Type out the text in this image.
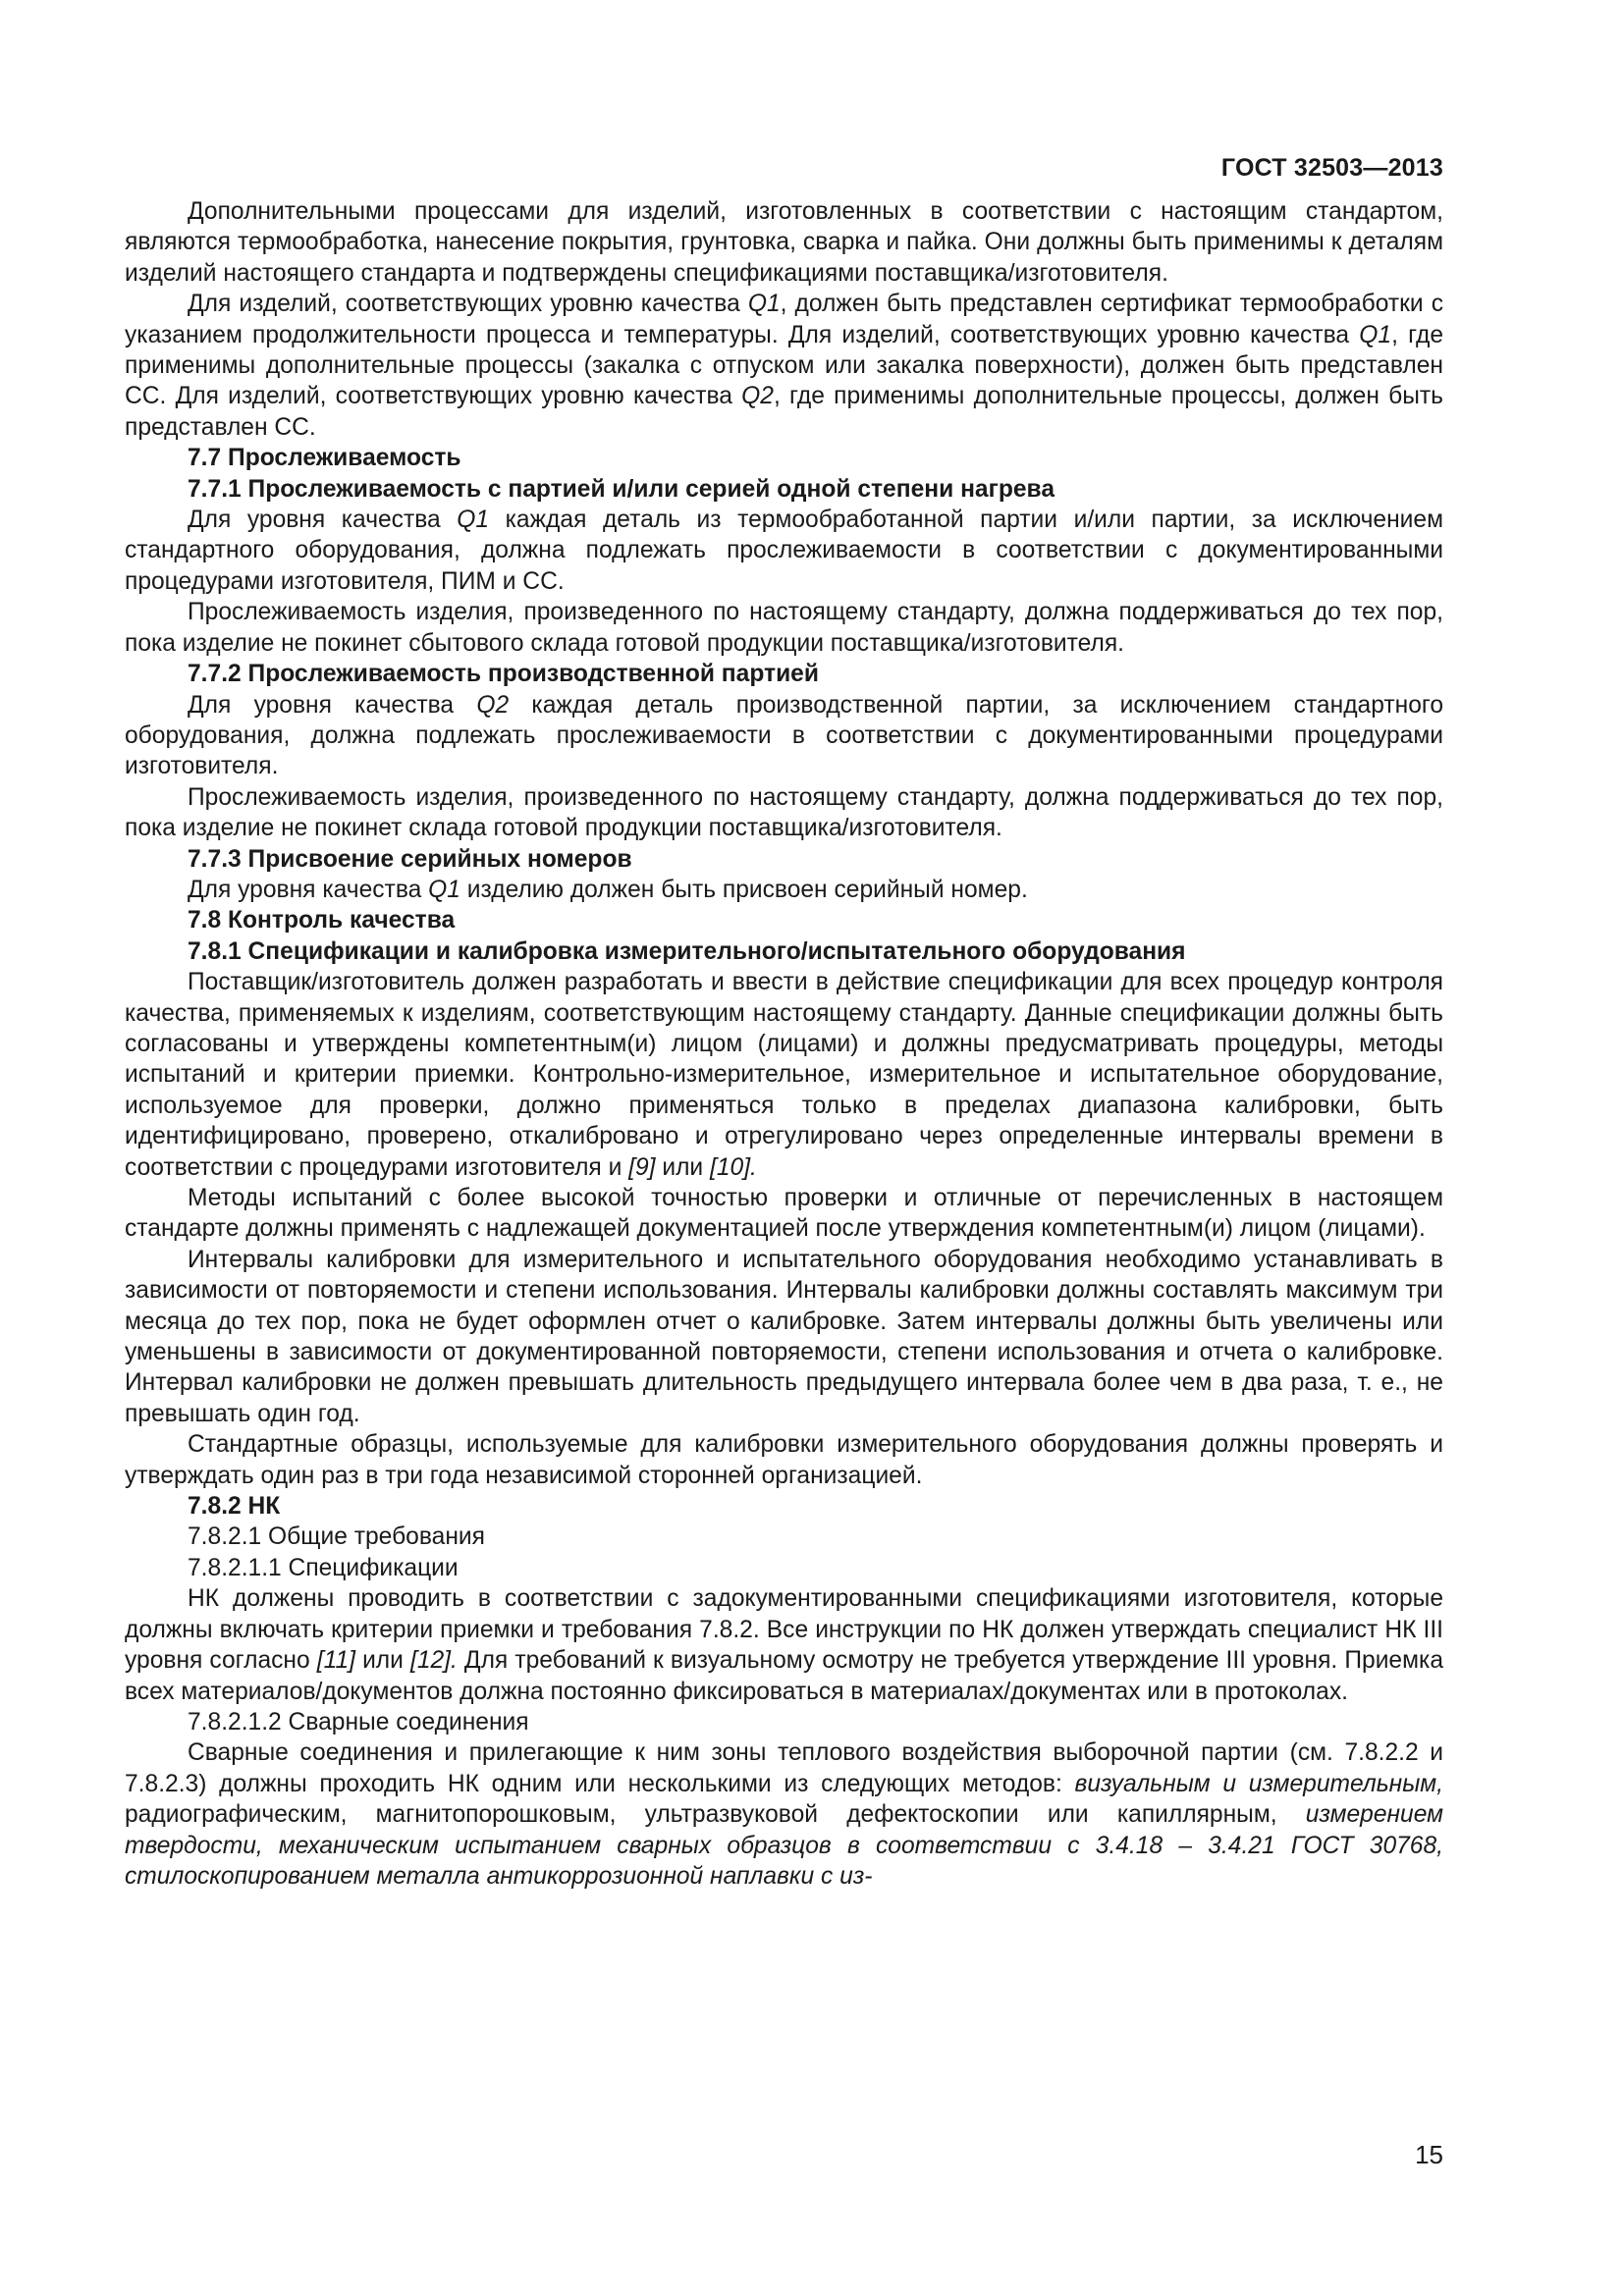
ГОСТ 32503—2013

Дополнительными процессами для изделий, изготовленных в соответствии с настоящим стандартом, являются термообработка, нанесение покрытия, грунтовка, сварка и пайка. Они должны быть применимы к деталям изделий настоящего стандарта и подтверждены спецификациями поставщика/изготовителя.

Для изделий, соответствующих уровню качества Q1, должен быть представлен сертификат термообработки с указанием продолжительности процесса и температуры. Для изделий, соответствующих уровню качества Q1, где применимы дополнительные процессы (закалка с отпуском или закалка поверхности), должен быть представлен СС. Для изделий, соответствующих уровню качества Q2, где применимы дополнительные процессы, должен быть представлен СС.

7.7 Прослеживаемость

7.7.1 Прослеживаемость с партией и/или серией одной степени нагрева

Для уровня качества Q1 каждая деталь из термообработанной партии и/или партии, за исключением стандартного оборудования, должна подлежать прослеживаемости в соответствии с документированными процедурами изготовителя, ПИМ и СС.

Прослеживаемость изделия, произведенного по настоящему стандарту, должна поддерживаться до тех пор, пока изделие не покинет сбытового склада готовой продукции поставщика/изготовителя.

7.7.2 Прослеживаемость производственной партией

Для уровня качества Q2 каждая деталь производственной партии, за исключением стандартного оборудования, должна подлежать прослеживаемости в соответствии с документированными процедурами изготовителя.

Прослеживаемость изделия, произведенного по настоящему стандарту, должна поддерживаться до тех пор, пока изделие не покинет склада готовой продукции поставщика/изготовителя.

7.7.3 Присвоение серийных номеров

Для уровня качества Q1 изделию должен быть присвоен серийный номер.

7.8 Контроль качества

7.8.1 Спецификации и калибровка измерительного/испытательного оборудования

Поставщик/изготовитель должен разработать и ввести в действие спецификации для всех процедур контроля качества, применяемых к изделиям, соответствующим настоящему стандарту. Данные спецификации должны быть согласованы и утверждены компетентным(и) лицом (лицами) и должны предусматривать процедуры, методы испытаний и критерии приемки. Контрольно-измерительное, измерительное и испытательное оборудование, используемое для проверки, должно применяться только в пределах диапазона калибровки, быть идентифицировано, проверено, откалибровано и отрегулировано через определенные интервалы времени в соответствии с процедурами изготовителя и [9] или [10].

Методы испытаний с более высокой точностью проверки и отличные от перечисленных в настоящем стандарте должны применять с надлежащей документацией после утверждения компетентным(и) лицом (лицами).

Интервалы калибровки для измерительного и испытательного оборудования необходимо устанавливать в зависимости от повторяемости и степени использования. Интервалы калибровки должны составлять максимум три месяца до тех пор, пока не будет оформлен отчет о калибровке. Затем интервалы должны быть увеличены или уменьшены в зависимости от документированной повторяемости, степени использования и отчета о калибровке. Интервал калибровки не должен превышать длительность предыдущего интервала более чем в два раза, т. е., не превышать один год.

Стандартные образцы, используемые для калибровки измерительного оборудования должны проверять и утверждать один раз в три года независимой сторонней организацией.

7.8.2 НК

7.8.2.1 Общие требования

7.8.2.1.1 Спецификации

НК должены проводить в соответствии с задокументированными спецификациями изготовителя, которые должны включать критерии приемки и требования 7.8.2. Все инструкции по НК должен утверждать специалист НК III уровня согласно [11] или [12]. Для требований к визуальному осмотру не требуется утверждение III уровня. Приемка всех материалов/документов должна постоянно фиксироваться в материалах/документах или в протоколах.

7.8.2.1.2 Сварные соединения

Сварные соединения и прилегающие к ним зоны теплового воздействия выборочной партии (см. 7.8.2.2 и 7.8.2.3) должны проходить НК одним или несколькими из следующих методов: визуальным и измерительным, радиографическим, магнитопорошковым, ультразвуковой дефектоскопии или капиллярным, измерением твердости, механическим испытанием сварных образцов в соответствии с 3.4.18 – 3.4.21 ГОСТ 30768, стилоскопированием металла антикоррозионной наплавки с из-

15
